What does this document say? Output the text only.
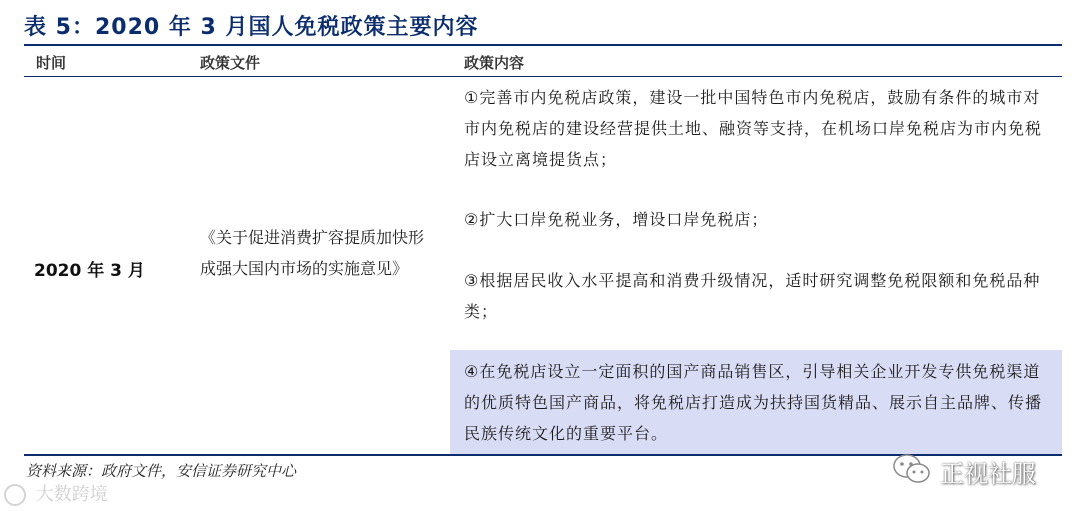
表 5：2020 年 3 月国人免税政策主要内容
时间	政策文件	政策内容
2020 年 3 月
《关于促进消费扩容提质加快形成强大国内市场的实施意见》
①完善市内免税店政策，建设一批中国特色市内免税店，鼓励有条件的城市对市内免税店的建设经营提供土地、融资等支持，在机场口岸免税店为市内免税店设立离境提货点；
②扩大口岸免税业务，增设口岸免税店；
③根据居民收入水平提高和消费升级情况，适时研究调整免税限额和免税品种类；
④在免税店设立一定面积的国产商品销售区，引导相关企业开发专供免税渠道的优质特色国产商品，将免税店打造成为扶持国货精品、展示自主品牌、传播民族传统文化的重要平台。
资料来源：政府文件，安信证券研究中心
大数跨境
正视社服
